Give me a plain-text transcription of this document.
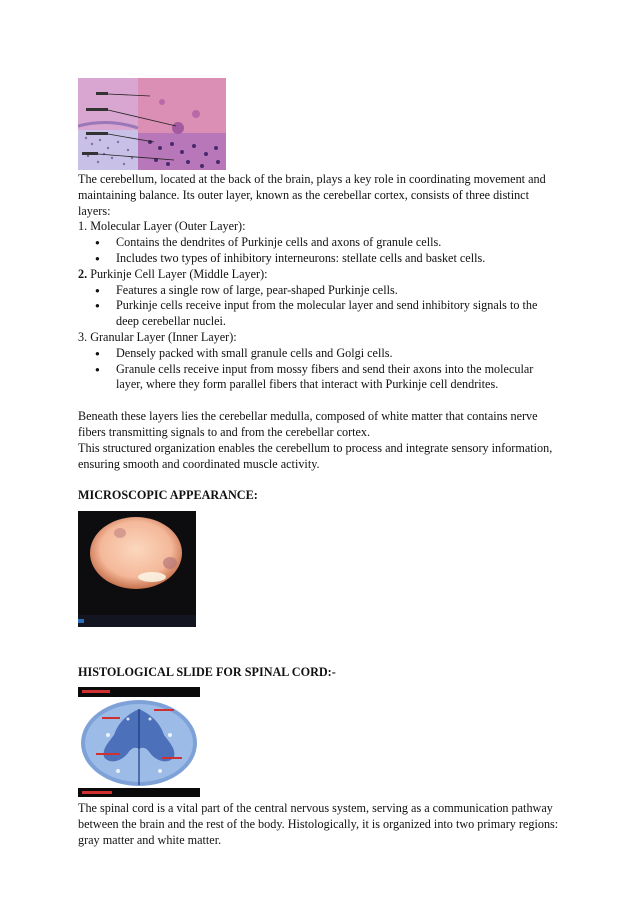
The cerebellum, located at the back of the brain, plays a key role in coordinating movement and maintaining balance. Its outer layer, known as the cerebellar cortex, consists of three distinct layers:

1. Molecular Layer (Outer Layer):

● Contains the dendrites of Purkinje cells and axons of granule cells.
● Includes two types of inhibitory interneurons: stellate cells and basket cells.

2. Purkinje Cell Layer (Middle Layer):

● Features a single row of large, pear-shaped Purkinje cells.
● Purkinje cells receive input from the molecular layer and send inhibitory signals to the deep cerebellar nuclei.

3. Granular Layer (Inner Layer):

● Densely packed with small granule cells and Golgi cells.
● Granule cells receive input from mossy fibers and send their axons into the molecular layer, where they form parallel fibers that interact with Purkinje cell dendrites.

Beneath these layers lies the cerebellar medulla, composed of white matter that contains nerve fibers transmitting signals to and from the cerebellar cortex.

This structured organization enables the cerebellum to process and integrate sensory information, ensuring smooth and coordinated muscle activity.

MICROSCOPIC APPEARANCE:

HISTOLOGICAL SLIDE FOR SPINAL CORD:-

The spinal cord is a vital part of the central nervous system, serving as a communication pathway between the brain and the rest of the body. Histologically, it is organized into two primary regions: gray matter and white matter.
